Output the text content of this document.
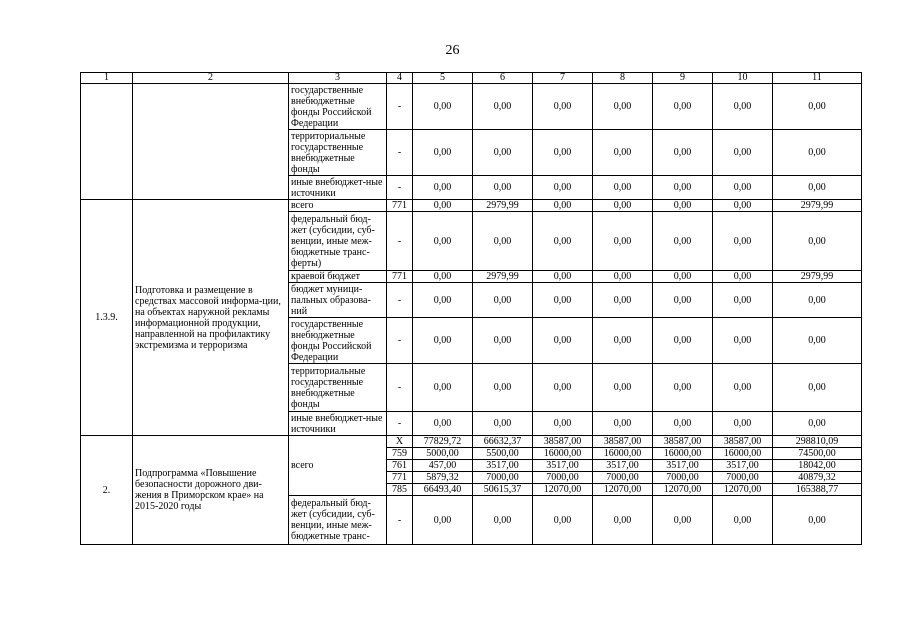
26
1	2	3	4	5	6	7	8	9	10	11
		государственные внебюджетные фонды Российской Федерации	-	0,00	0,00	0,00	0,00	0,00	0,00	0,00
		территориальные государственные внебюджетные фонды	-	0,00	0,00	0,00	0,00	0,00	0,00	0,00
		иные внебюджет-ные источники	-	0,00	0,00	0,00	0,00	0,00	0,00	0,00
1.3.9.	Подготовка и размещение в средствах массовой информа-ции, на объектах наружной рекламы информационной продукции, направленной на профилактику экстремизма и терроризма	всего	771	0,00	2979,99	0,00	0,00	0,00	0,00	2979,99
		федеральный бюд-жет (субсидии, суб-венции, иные меж-бюджетные транс-ферты)	-	0,00	0,00	0,00	0,00	0,00	0,00	0,00
		краевой бюджет	771	0,00	2979,99	0,00	0,00	0,00	0,00	2979,99
		бюджет муници-пальных образова-ний	-	0,00	0,00	0,00	0,00	0,00	0,00	0,00
		государственные внебюджетные фонды Российской Федерации	-	0,00	0,00	0,00	0,00	0,00	0,00	0,00
		территориальные государственные внебюджетные фонды	-	0,00	0,00	0,00	0,00	0,00	0,00	0,00
		иные внебюджет-ные источники	-	0,00	0,00	0,00	0,00	0,00	0,00	0,00
2.	Подпрограмма «Повышение безопасности дорожного дви-жения в Приморском крае» на 2015-2020 годы	всего	X	77829,72	66632,37	38587,00	38587,00	38587,00	38587,00	298810,09
			759	5000,00	5500,00	16000,00	16000,00	16000,00	16000,00	74500,00
			761	457,00	3517,00	3517,00	3517,00	3517,00	3517,00	18042,00
			771	5879,32	7000,00	7000,00	7000,00	7000,00	7000,00	40879,32
			785	66493,40	50615,37	12070,00	12070,00	12070,00	12070,00	165388,77
		федеральный бюд-жет (субсидии, суб-венции, иные меж-бюджетные транс-	-	0,00	0,00	0,00	0,00	0,00	0,00	0,00
